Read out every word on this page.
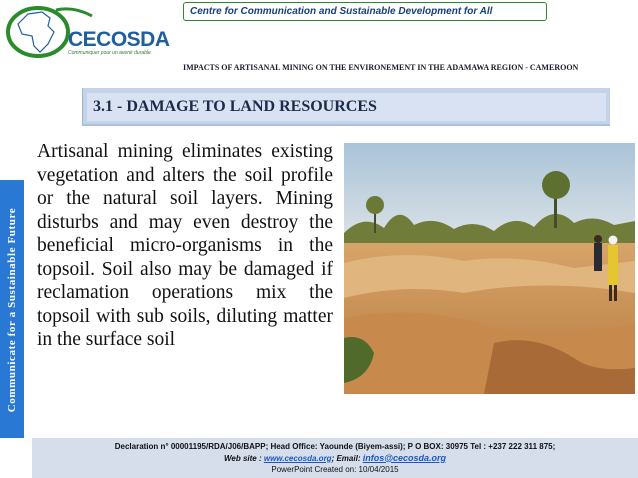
CECOSDA
Communiquer pour un avenir durable
Centre for Communication and Sustainable Development for All
IMPACTS OF ARTISANAL MINING ON THE ENVIRONEMENT IN THE ADAMAWA REGION - CAMEROON
3.1 - DAMAGE TO LAND RESOURCES
Communicate for a Sustainable Future

Artisanal mining eliminates existing vegetation and alters the soil profile or the natural soil layers. Mining disturbs and may even destroy the beneficial micro-organisms in the topsoil. Soil also may be damaged if reclamation operations mix the topsoil with sub soils, diluting matter in the surface soil

Declaration n° 00001195/RDA/J06/BAPP; Head Office: Yaounde (Biyem-assi); P O BOX: 30975 Tel : +237 222 311 875;
Web site : www.cecosda.org; Email: infos@cecosda.org
PowerPoint Created on: 10/04/2015
